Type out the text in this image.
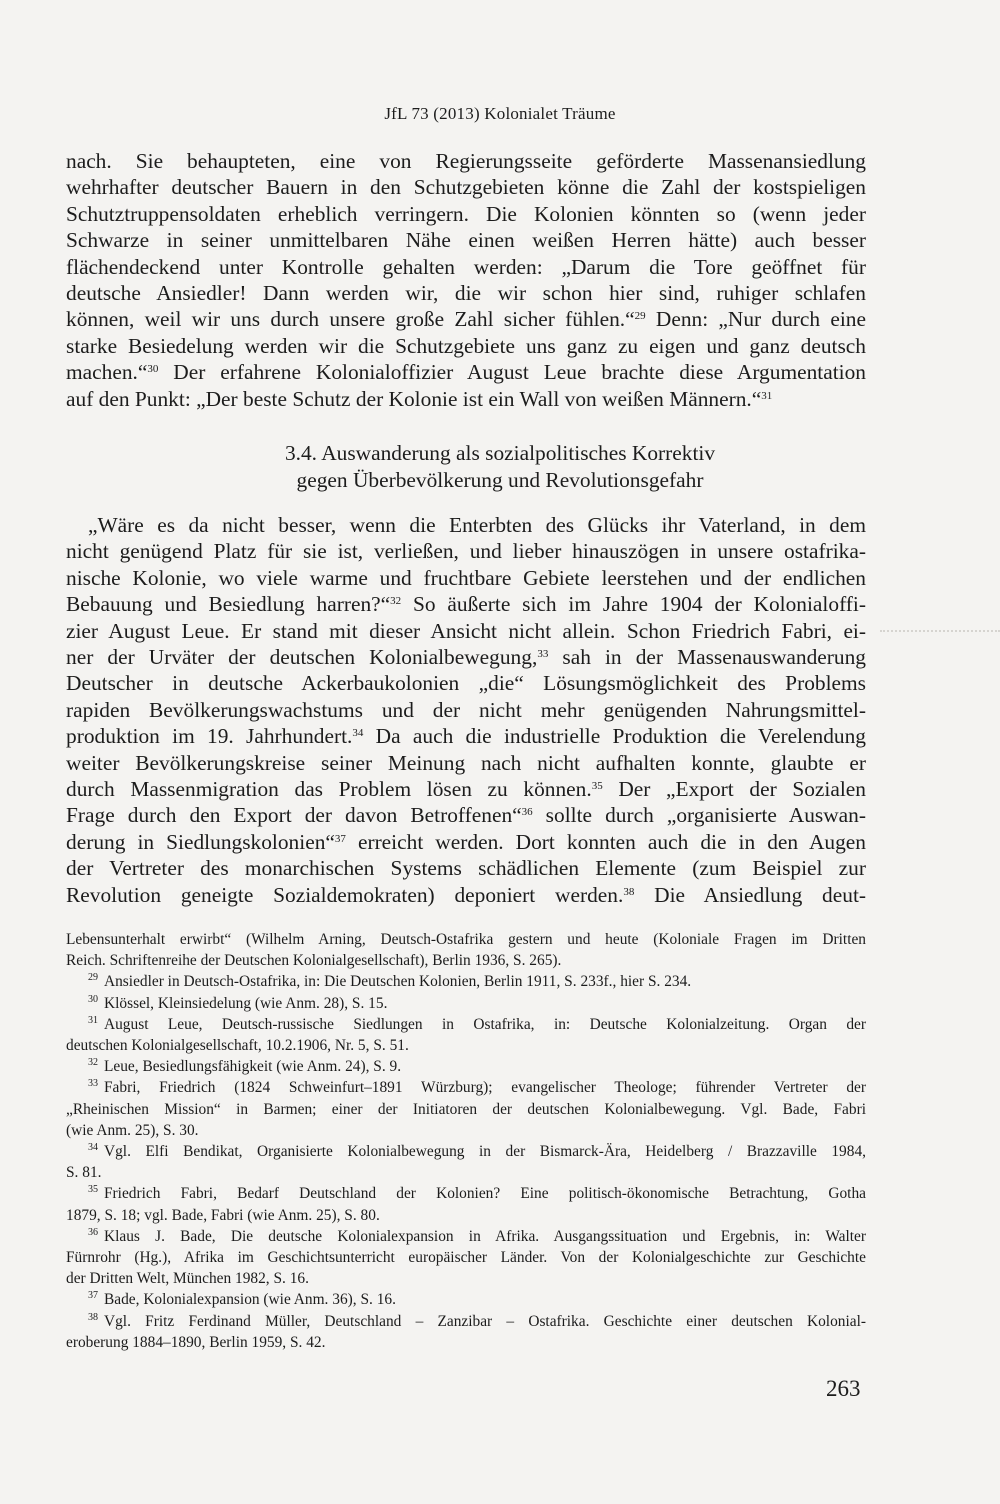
JfL 73 (2013) Kolonialet Träume
nach. Sie behaupteten, eine von Regierungsseite geförderte Massenansiedlung
wehrhafter deutscher Bauern in den Schutzgebieten könne die Zahl der kostspieligen
Schutztruppensoldaten erheblich verringern. Die Kolonien könnten so (wenn jeder
Schwarze in seiner unmittelbaren Nähe einen weißen Herren hätte) auch besser
flächendeckend unter Kontrolle gehalten werden: „Darum die Tore geöffnet für
deutsche Ansiedler! Dann werden wir, die wir schon hier sind, ruhiger schlafen
können, weil wir uns durch unsere große Zahl sicher fühlen.“$^{29}$ Denn: „Nur durch eine
starke Besiedelung werden wir die Schutzgebiete uns ganz zu eigen und ganz deutsch
machen.“$^{30}$ Der erfahrene Kolonialoffizier August Leue brachte diese Argumentation
auf den Punkt: „Der beste Schutz der Kolonie ist ein Wall von weißen Männern.“$^{31}$
3.4. Auswanderung als sozialpolitisches Korrektiv
gegen Überbevölkerung und Revolutionsgefahr
„Wäre es da nicht besser, wenn die Enterbten des Glücks ihr Vaterland, in dem
nicht genügend Platz für sie ist, verließen, und lieber hinauszögen in unsere ostafrika-
nische Kolonie, wo viele warme und fruchtbare Gebiete leerstehen und der endlichen
Bebauung und Besiedlung harren?“$^{32}$ So äußerte sich im Jahre 1904 der Kolonialoffi-
zier August Leue. Er stand mit dieser Ansicht nicht allein. Schon Friedrich Fabri, ei-
ner der Urväter der deutschen Kolonialbewegung,$^{33}$ sah in der Massenauswanderung
Deutscher in deutsche Ackerbaukolonien „die“ Lösungsmöglichkeit des Problems
rapiden Bevölkerungswachstums und der nicht mehr genügenden Nahrungsmittel-
produktion im 19. Jahrhundert.$^{34}$ Da auch die industrielle Produktion die Verelendung
weiter Bevölkerungskreise seiner Meinung nach nicht aufhalten konnte, glaubte er
durch Massenmigration das Problem lösen zu können.$^{35}$ Der „Export der Sozialen
Frage durch den Export der davon Betroffenen“$^{36}$ sollte durch „organisierte Auswan-
derung in Siedlungskolonien“$^{37}$ erreicht werden. Dort konnten auch die in den Augen
der Vertreter des monarchischen Systems schädlichen Elemente (zum Beispiel zur
Revolution geneigte Sozialdemokraten) deponiert werden.$^{38}$ Die Ansiedlung deut-
Lebensunterhalt erwirbt“ (Wilhelm Arning, Deutsch-Ostafrika gestern und heute (Koloniale Fragen im Dritten
Reich. Schriftenreihe der Deutschen Kolonialgesellschaft), Berlin 1936, S. 265).
$^{29}$ Ansiedler in Deutsch-Ostafrika, in: Die Deutschen Kolonien, Berlin 1911, S. 233f., hier S. 234.
$^{30}$ Klössel, Kleinsiedelung (wie Anm. 28), S. 15.
$^{31}$ August Leue, Deutsch-russische Siedlungen in Ostafrika, in: Deutsche Kolonialzeitung. Organ der
deutschen Kolonialgesellschaft, 10.2.1906, Nr. 5, S. 51.
$^{32}$ Leue, Besiedlungsfähigkeit (wie Anm. 24), S. 9.
$^{33}$ Fabri, Friedrich (1824 Schweinfurt–1891 Würzburg); evangelischer Theologe; führender Vertreter der
„Rheinischen Mission“ in Barmen; einer der Initiatoren der deutschen Kolonialbewegung. Vgl. Bade, Fabri
(wie Anm. 25), S. 30.
$^{34}$ Vgl. Elfi Bendikat, Organisierte Kolonialbewegung in der Bismarck-Ära, Heidelberg / Brazzaville 1984,
S. 81.
$^{35}$ Friedrich Fabri, Bedarf Deutschland der Kolonien? Eine politisch-ökonomische Betrachtung, Gotha
1879, S. 18; vgl. Bade, Fabri (wie Anm. 25), S. 80.
$^{36}$ Klaus J. Bade, Die deutsche Kolonialexpansion in Afrika. Ausgangssituation und Ergebnis, in: Walter
Fürnrohr (Hg.), Afrika im Geschichtsunterricht europäischer Länder. Von der Kolonialgeschichte zur Geschichte
der Dritten Welt, München 1982, S. 16.
$^{37}$ Bade, Kolonialexpansion (wie Anm. 36), S. 16.
$^{38}$ Vgl. Fritz Ferdinand Müller, Deutschland – Zanzibar – Ostafrika. Geschichte einer deutschen Kolonial-
eroberung 1884–1890, Berlin 1959, S. 42.
263
